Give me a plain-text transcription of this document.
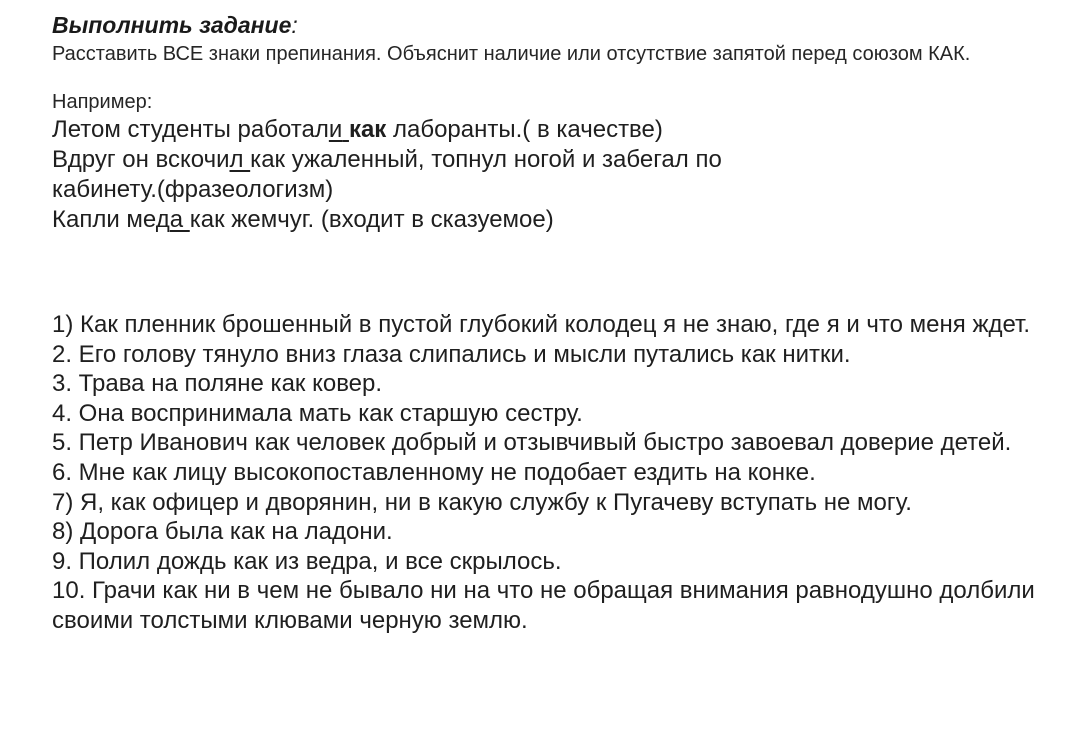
Выполнить задание:
Расставить ВСЕ знаки препинания. Объяснит наличие или отсутствие запятой перед союзом КАК.
Например:
Летом студенты работали как лаборанты.( в качестве)
Вдруг он вскочил как ужаленный, топнул ногой и забегал по
кабинету.(фразеологизм)
Капли меда как жемчуг. (входит в сказуемое)

1) Как пленник брошенный в пустой глубокий колодец я не знаю, где я и что меня ждет.

2. Его голову тянуло вниз глаза слипались и мысли путались как нитки.

3. Трава на поляне как ковер.

4. Она воспринимала мать как старшую сестру.

5. Петр Иванович как человек добрый и отзывчивый быстро завоевал доверие детей.

6. Мне как лицу высокопоставленному не подобает ездить на конке.

7) Я, как офицер и дворянин, ни в какую службу к Пугачеву вступать не могу.

8) Дорога была как на ладони.

9. Полил дождь как из ведра, и все скрылось.

10. Грачи как ни в чем не бывало ни на что не обращая внимания равнодушно долбили своими толстыми клювами черную землю.
